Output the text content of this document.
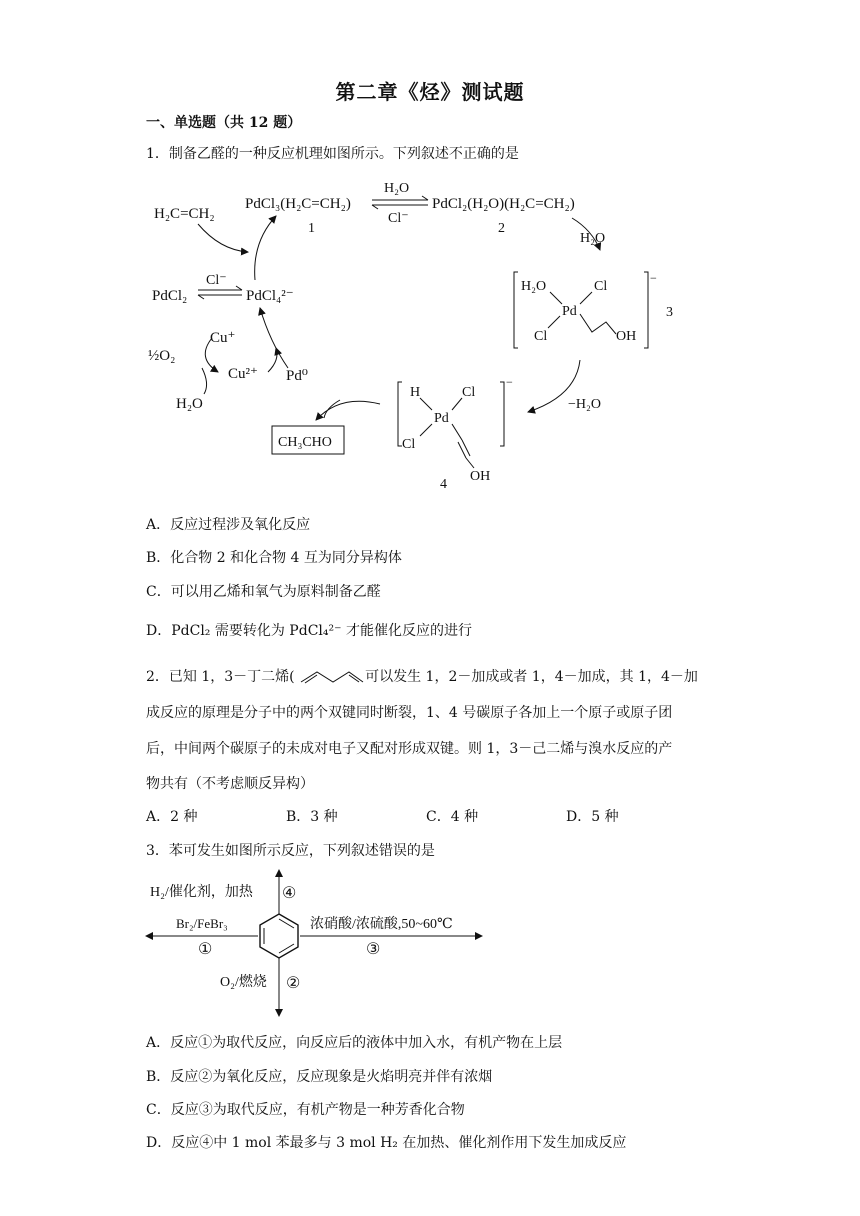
第二章《烃》测试题
一、单选题（共 12 题）
1．制备乙醛的一种反应机理如图所示。下列叙述不正确的是
PdCl₃(H₂C=CH₂)
1
H₂O
Cl⁻
PdCl₂(H₂O)(H₂C=CH₂)
2
H₂C=CH₂
H₂O
−
3
H₂O	Cl
Pd
Cl	OH
−H₂O
−
H	Cl
Pd
Cl
OH
4
CH₃CHO
PdCl₂
Cl⁻
PdCl₄²⁻
Pd⁰
Cu⁺
Cu²⁺
½O₂
H₂O
A．反应过程涉及氧化反应
B．化合物 2 和化合物 4 互为同分异构体
C．可以用乙烯和氧气为原料制备乙醛
D．PdCl₂ 需要转化为 PdCl₄²⁻ 才能催化反应的进行
2．已知 1，3－丁二烯(	可以发生 1，2－加成或者 1，4－加成，其 1，4－加
成反应的原理是分子中的两个双键同时断裂，1、4 号碳原子各加上一个原子或原子团
后，中间两个碳原子的未成对电子又配对形成双键。则 1，3－己二烯与溴水反应的产
物共有（不考虑顺反异构）
A．2 种	B．3 种	C．4 种	D．5 种
3．苯可发生如图所示反应，下列叙述错误的是
H₂/催化剂，加热 ④
Br₂/FeBr₃
①
浓硝酸/浓硫酸,50~60℃
③
O₂/燃烧 ②
A．反应①为取代反应，向反应后的液体中加入水，有机产物在上层
B．反应②为氧化反应，反应现象是火焰明亮并伴有浓烟
C．反应③为取代反应，有机产物是一种芳香化合物
D．反应④中 1 mol 苯最多与 3 mol H₂ 在加热、催化剂作用下发生加成反应
